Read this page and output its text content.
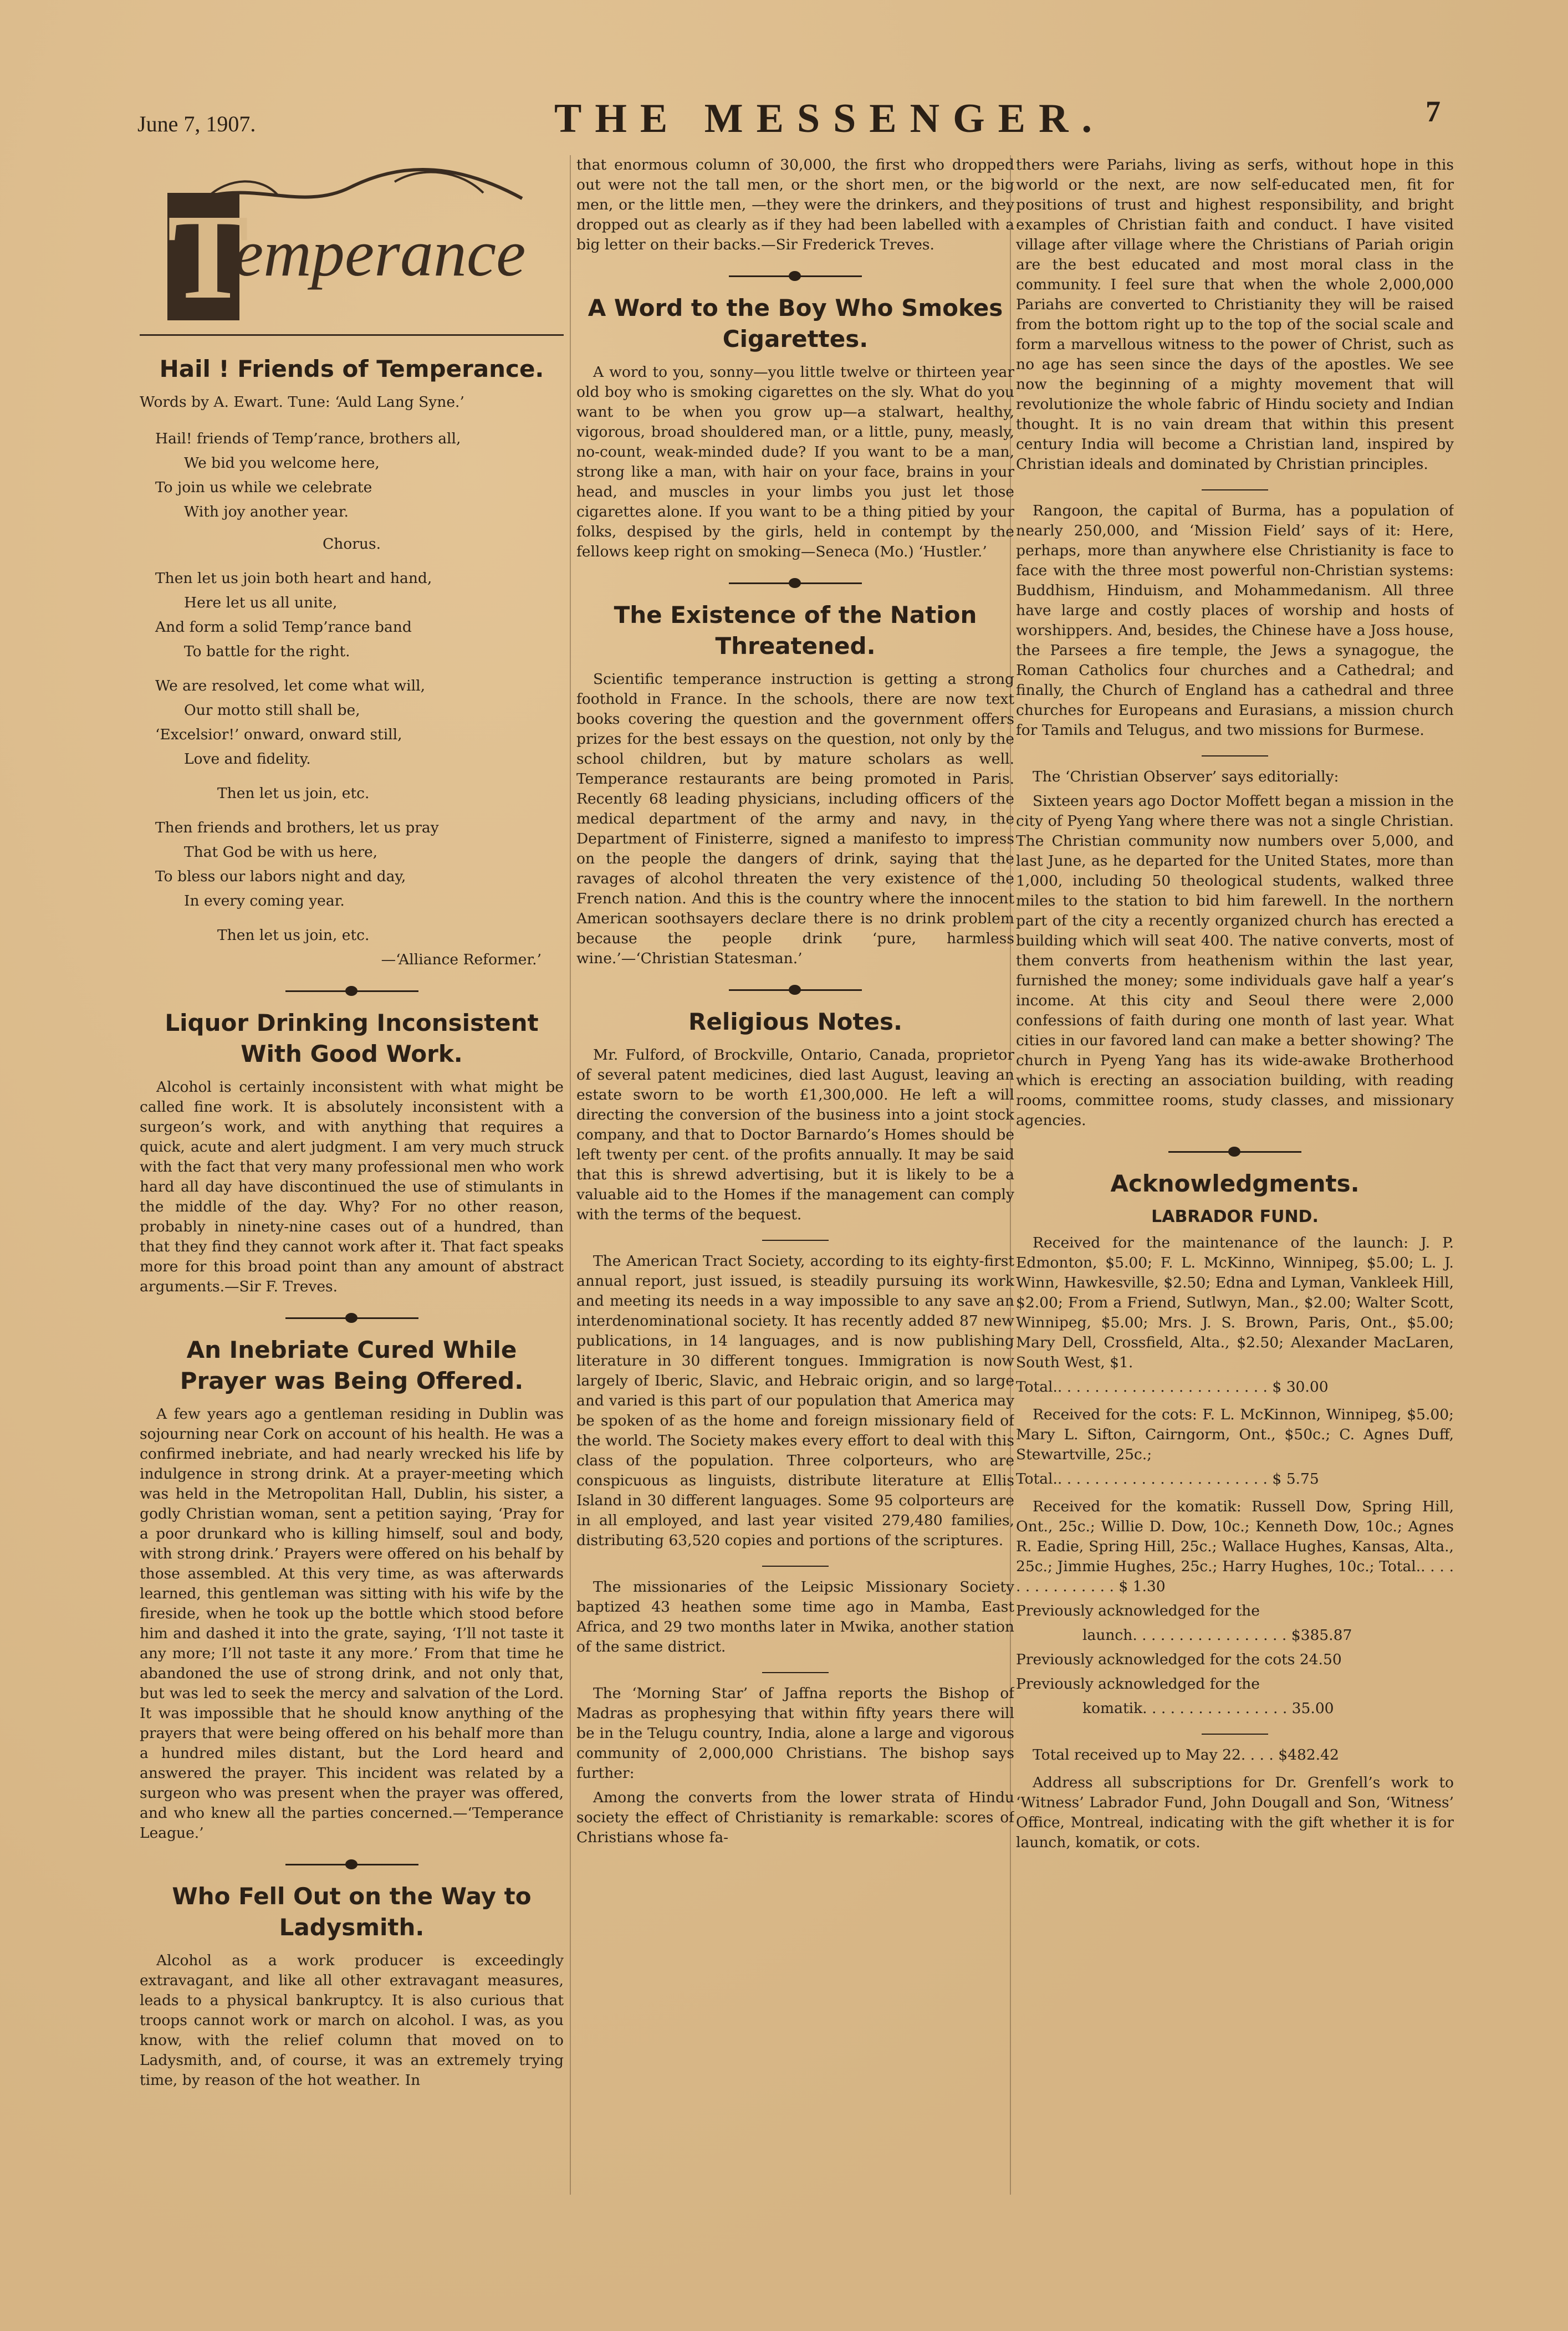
June 7, 1907.	THE MESSENGER.	7
T
emperance
Hail ! Friends of Temperance.

Words by A. Ewart. Tune: ‘Auld Lang Syne.’

Hail! friends of Temp’rance, brothers all,

We bid you welcome here,

To join us while we celebrate

With joy another year.

Chorus.

Then let us join both heart and hand,

Here let us all unite,

And form a solid Temp’rance band

To battle for the right.

We are resolved, let come what will,

Our motto still shall be,

‘Excelsior!’ onward, onward still,

Love and fidelity.

Then let us join, etc.

Then friends and brothers, let us pray

That God be with us here,

To bless our labors night and day,

In every coming year.

Then let us join, etc.

—‘Alliance Reformer.’

Liquor Drinking Inconsistent With Good Work.

Alcohol is certainly inconsistent with what might be called fine work. It is absolutely inconsistent with a surgeon’s work, and with anything that requires a quick, acute and alert judgment. I am very much struck with the fact that very many professional men who work hard all day have discontinued the use of stimulants in the middle of the day. Why? For no other reason, probably in ninety-nine cases out of a hundred, than that they find they cannot work after it. That fact speaks more for this broad point than any amount of abstract arguments.—Sir F. Treves.

An Inebriate Cured While Prayer was Being Offered.

A few years ago a gentleman residing in Dublin was sojourning near Cork on account of his health. He was a confirmed inebriate, and had nearly wrecked his life by indulgence in strong drink. At a prayer-meeting which was held in the Metropolitan Hall, Dublin, his sister, a godly Christian woman, sent a petition saying, ‘Pray for a poor drunkard who is killing himself, soul and body, with strong drink.’ Prayers were offered on his behalf by those assembled. At this very time, as was afterwards learned, this gentleman was sitting with his wife by the fireside, when he took up the bottle which stood before him and dashed it into the grate, saying, ‘I’ll not taste it any more; I’ll not taste it any more.’ From that time he abandoned the use of strong drink, and not only that, but was led to seek the mercy and salvation of the Lord. It was impossible that he should know anything of the prayers that were being offered on his behalf more than a hundred miles distant, but the Lord heard and answered the prayer. This incident was related by a surgeon who was present when the prayer was offered, and who knew all the parties concerned.—‘Temperance League.’

Who Fell Out on the Way to Ladysmith.

Alcohol as a work producer is exceedingly extravagant, and like all other extravagant measures, leads to a physical bankruptcy. It is also curious that troops cannot work or march on alcohol. I was, as you know, with the relief column that moved on to Ladysmith, and, of course, it was an extremely trying time, by reason of the hot weather. In

that enormous column of 30,000, the first who dropped out were not the tall men, or the short men, or the big men, or the little men, —they were the drinkers, and they dropped out as clearly as if they had been labelled with a big letter on their backs.—Sir Frederick Treves.

A Word to the Boy Who Smokes Cigarettes.

A word to you, sonny—you little twelve or thirteen year old boy who is smoking cigarettes on the sly. What do you want to be when you grow up—a stalwart, healthy, vigorous, broad shouldered man, or a little, puny, measly, no-count, weak-minded dude? If you want to be a man, strong like a man, with hair on your face, brains in your head, and muscles in your limbs you just let those cigarettes alone. If you want to be a thing pitied by your folks, despised by the girls, held in contempt by the fellows keep right on smoking—Seneca (Mo.) ‘Hustler.’

The Existence of the Nation Threatened.

Scientific temperance instruction is getting a strong foothold in France. In the schools, there are now text books covering the question and the government offers prizes for the best essays on the question, not only by the school children, but by mature scholars as well. Temperance restaurants are being promoted in Paris. Recently 68 leading physicians, including officers of the medical department of the army and navy, in the Department of Finisterre, signed a manifesto to impress on the people the dangers of drink, saying that the ravages of alcohol threaten the very existence of the French nation. And this is the country where the innocent American soothsayers declare there is no drink problem because the people drink ‘pure, harmless wine.’—‘Christian Statesman.’

Religious Notes.

Mr. Fulford, of Brockville, Ontario, Canada, proprietor of several patent medicines, died last August, leaving an estate sworn to be worth £1,300,000. He left a will directing the conversion of the business into a joint stock company, and that to Doctor Barnardo’s Homes should be left twenty per cent. of the profits annually. It may be said that this is shrewd advertising, but it is likely to be a valuable aid to the Homes if the management can comply with the terms of the bequest.

The American Tract Society, according to its eighty-first annual report, just issued, is steadily pursuing its work and meeting its needs in a way impossible to any save an interdenominational society. It has recently added 87 new publications, in 14 languages, and is now publishing literature in 30 different tongues. Immigration is now largely of Iberic, Slavic, and Hebraic origin, and so large and varied is this part of our population that America may be spoken of as the home and foreign missionary field of the world. The Society makes every effort to deal with this class of the population. Three colporteurs, who are conspicuous as linguists, distribute literature at Ellis Island in 30 different languages. Some 95 colporteurs are in all employed, and last year visited 279,480 families, distributing 63,520 copies and portions of the scriptures.

The missionaries of the Leipsic Missionary Society baptized 43 heathen some time ago in Mamba, East Africa, and 29 two months later in Mwika, another station of the same district.

The ‘Morning Star’ of Jaffna reports the Bishop of Madras as prophesying that within fifty years there will be in the Telugu country, India, alone a large and vigorous community of 2,000,000 Christians. The bishop says further:

Among the converts from the lower strata of Hindu society the effect of Christianity is remarkable: scores of Christians whose fa-

thers were Pariahs, living as serfs, without hope in this world or the next, are now self-educated men, fit for positions of trust and highest responsibility, and bright examples of Christian faith and conduct. I have visited village after village where the Christians of Pariah origin are the best educated and most moral class in the community. I feel sure that when the whole 2,000,000 Pariahs are converted to Christianity they will be raised from the bottom right up to the top of the social scale and form a marvellous witness to the power of Christ, such as no age has seen since the days of the apostles. We see now the beginning of a mighty movement that will revolutionize the whole fabric of Hindu society and Indian thought. It is no vain dream that within this present century India will become a Christian land, inspired by Christian ideals and dominated by Christian principles.

Rangoon, the capital of Burma, has a population of nearly 250,000, and ‘Mission Field’ says of it: Here, perhaps, more than anywhere else Christianity is face to face with the three most powerful non-Christian systems: Buddhism, Hinduism, and Mohammedanism. All three have large and costly places of worship and hosts of worshippers. And, besides, the Chinese have a Joss house, the Parsees a fire temple, the Jews a synagogue, the Roman Catholics four churches and a Cathedral; and finally, the Church of England has a cathedral and three churches for Europeans and Eurasians, a mission church for Tamils and Telugus, and two missions for Burmese.

The ‘Christian Observer’ says editorially:

Sixteen years ago Doctor Moffett began a mission in the city of Pyeng Yang where there was not a single Christian. The Christian community now numbers over 5,000, and last June, as he departed for the United States, more than 1,000, including 50 theological students, walked three miles to the station to bid him farewell. In the northern part of the city a recently organized church has erected a building which will seat 400. The native converts, most of them converts from heathenism within the last year, furnished the money; some individuals gave half a year’s income. At this city and Seoul there were 2,000 confessions of faith during one month of last year. What cities in our favored land can make a better showing? The church in Pyeng Yang has its wide-awake Brotherhood which is erecting an association building, with reading rooms, committee rooms, study classes, and missionary agencies.

Acknowledgments.
LABRADOR FUND.

Received for the maintenance of the launch: J. P. Edmonton, $5.00; F. L. McKinno, Winnipeg, $5.00; L. J. Winn, Hawkesville, $2.50; Edna and Lyman, Vankleek Hill, $2.00; From a Friend, Sutlwyn, Man., $2.00; Walter Scott, Winnipeg, $5.00; Mrs. J. S. Brown, Paris, Ont., $5.00; Mary Dell, Crossfield, Alta., $2.50; Alexander MacLaren, South West, $1.

Total.. . . . . . . . . . . . . . . . . . . . . . . $ 30.00

Received for the cots: F. L. McKinnon, Winnipeg, $5.00; Mary L. Sifton, Cairngorm, Ont., $50c.; C. Agnes Duff, Stewartville, 25c.;

Total.. . . . . . . . . . . . . . . . . . . . . . . $ 5.75

Received for the komatik: Russell Dow, Spring Hill, Ont., 25c.; Willie D. Dow, 10c.; Kenneth Dow, 10c.; Agnes R. Eadie, Spring Hill, 25c.; Wallace Hughes, Kansas, Alta., 25c.; Jimmie Hughes, 25c.; Harry Hughes, 10c.; Total.. . . . . . . . . . . . . . . $ 1.30

Previously acknowledged for the

launch. . . . . . . . . . . . . . . . . $385.87

Previously acknowledged for the cots 24.50

Previously acknowledged for the

komatik. . . . . . . . . . . . . . . . 35.00

Total received up to May 22. . . . $482.42

Address all subscriptions for Dr. Grenfell’s work to ‘Witness’ Labrador Fund, John Dougall and Son, ‘Witness’ Office, Montreal, indicating with the gift whether it is for launch, komatik, or cots.
